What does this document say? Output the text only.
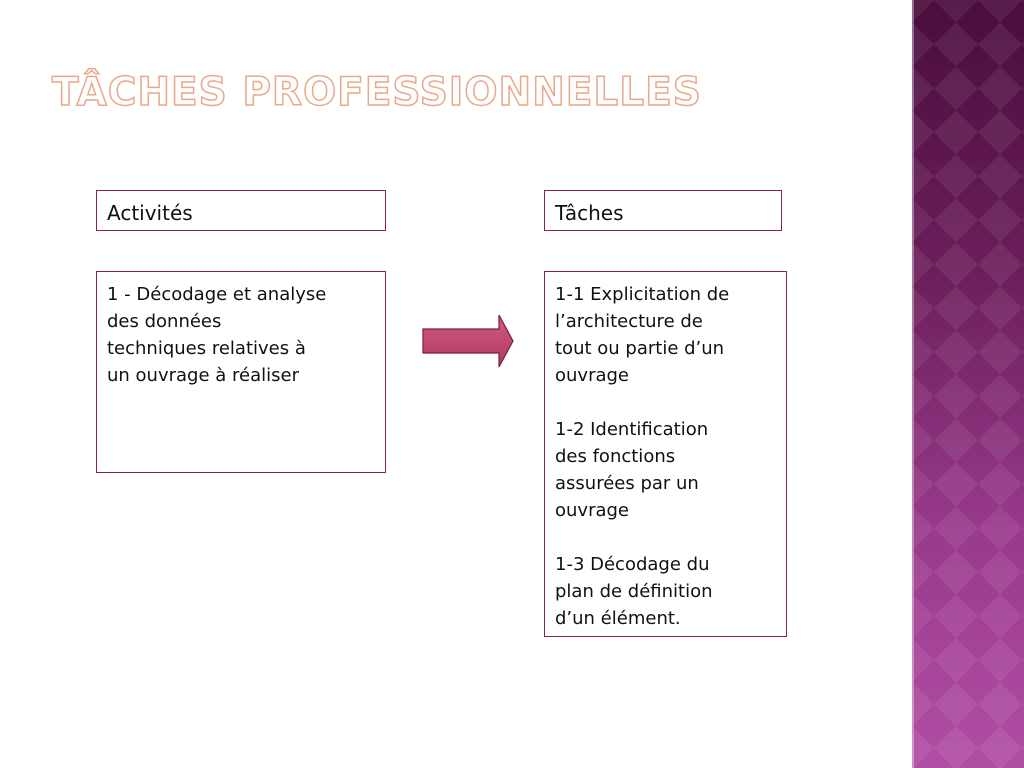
TÂCHES PROFESSIONNELLES
Activités	Tâches

1 - Décodage et analyse
des données
techniques relatives à
un ouvrage à réaliser

1-1 Explicitation de
l’architecture de
tout ou partie d’un
ouvrage

1-2 Identification
des fonctions
assurées par un
ouvrage

1-3 Décodage du
plan de définition
d’un élément.
